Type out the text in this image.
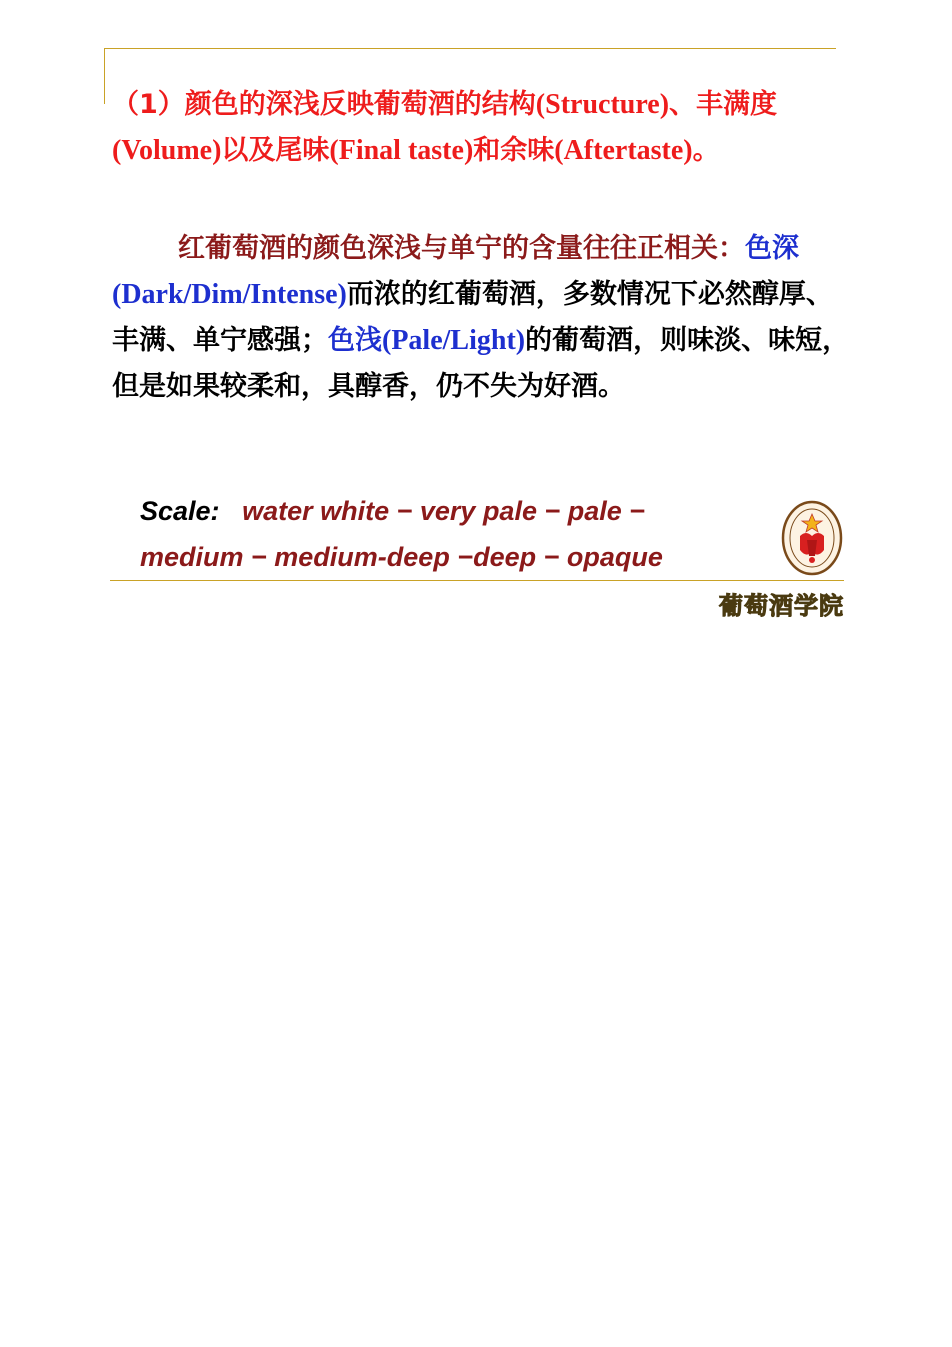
（1）颜色的深浅反映葡萄酒的结构(Structure)、丰满度(Volume)以及尾味(Final taste)和余味(Aftertaste)。
红葡萄酒的颜色深浅与单宁的含量往往正相关：色深(Dark/Dim/Intense)而浓的红葡萄酒，多数情况下必然醇厚、丰满、单宁感强；色浅(Pale/Light)的葡萄酒，则味淡、味短，但是如果较柔和，具醇香，仍不失为好酒。
Scale: water white − very pale − pale −
medium − medium-deep −deep − opaque
葡萄酒学院
